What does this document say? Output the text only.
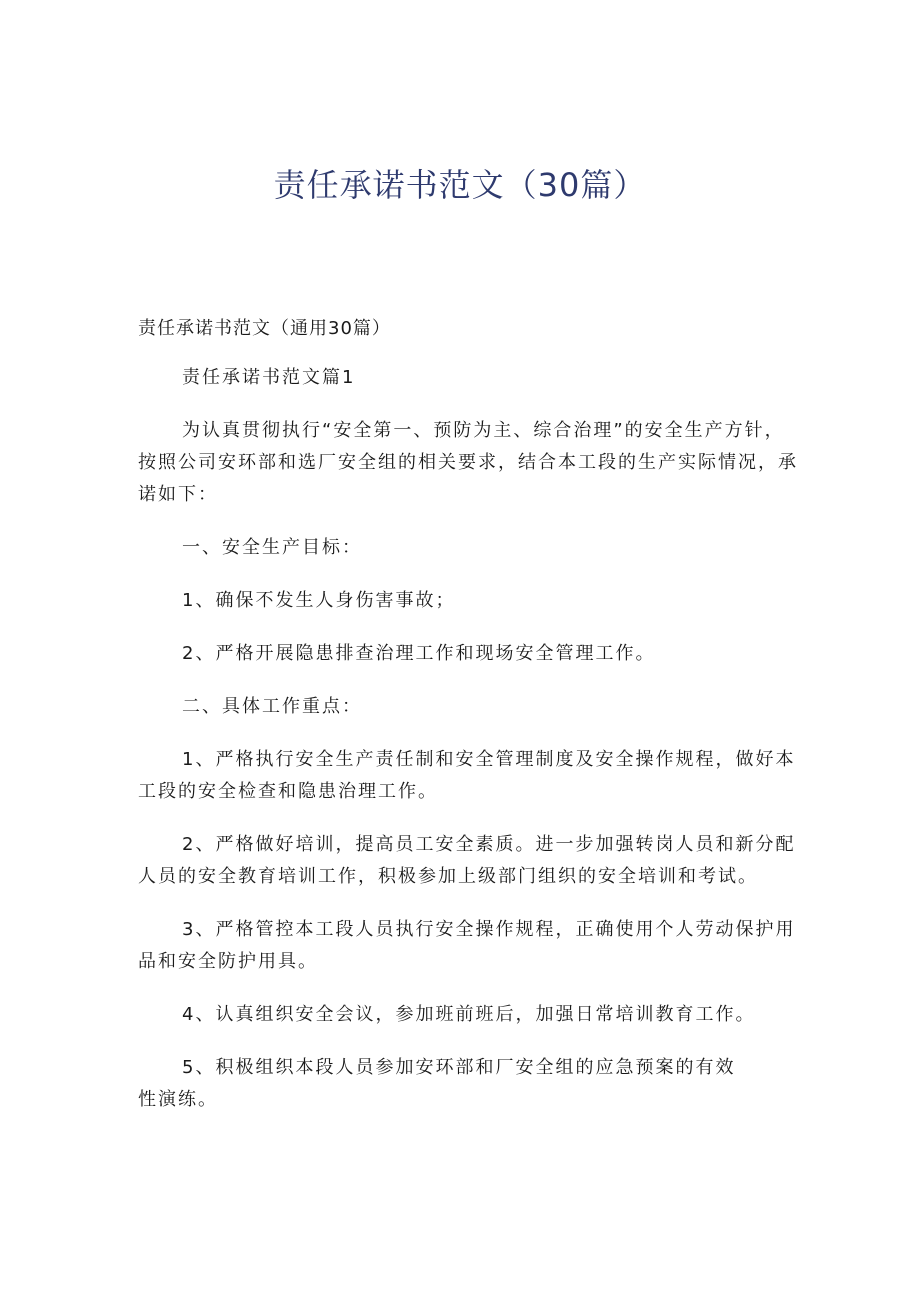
责任承诺书范文（30篇）

责任承诺书范文（通用30篇）

责任承诺书范文篇1

为认真贯彻执行“安全第一、预防为主、综合治理”的安全生产方针，按照公司安环部和选厂安全组的相关要求，结合本工段的生产实际情况，承诺如下：

一、安全生产目标：

1、确保不发生人身伤害事故；

2、严格开展隐患排查治理工作和现场安全管理工作。

二、具体工作重点：

1、严格执行安全生产责任制和安全管理制度及安全操作规程，做好本工段的安全检查和隐患治理工作。

2、严格做好培训，提高员工安全素质。进一步加强转岗人员和新分配人员的安全教育培训工作，积极参加上级部门组织的安全培训和考试。

3、严格管控本工段人员执行安全操作规程，正确使用个人劳动保护用品和安全防护用具。

4、认真组织安全会议，参加班前班后，加强日常培训教育工作。

5、积极组织本段人员参加安环部和厂安全组的应急预案的有效

性演练。
